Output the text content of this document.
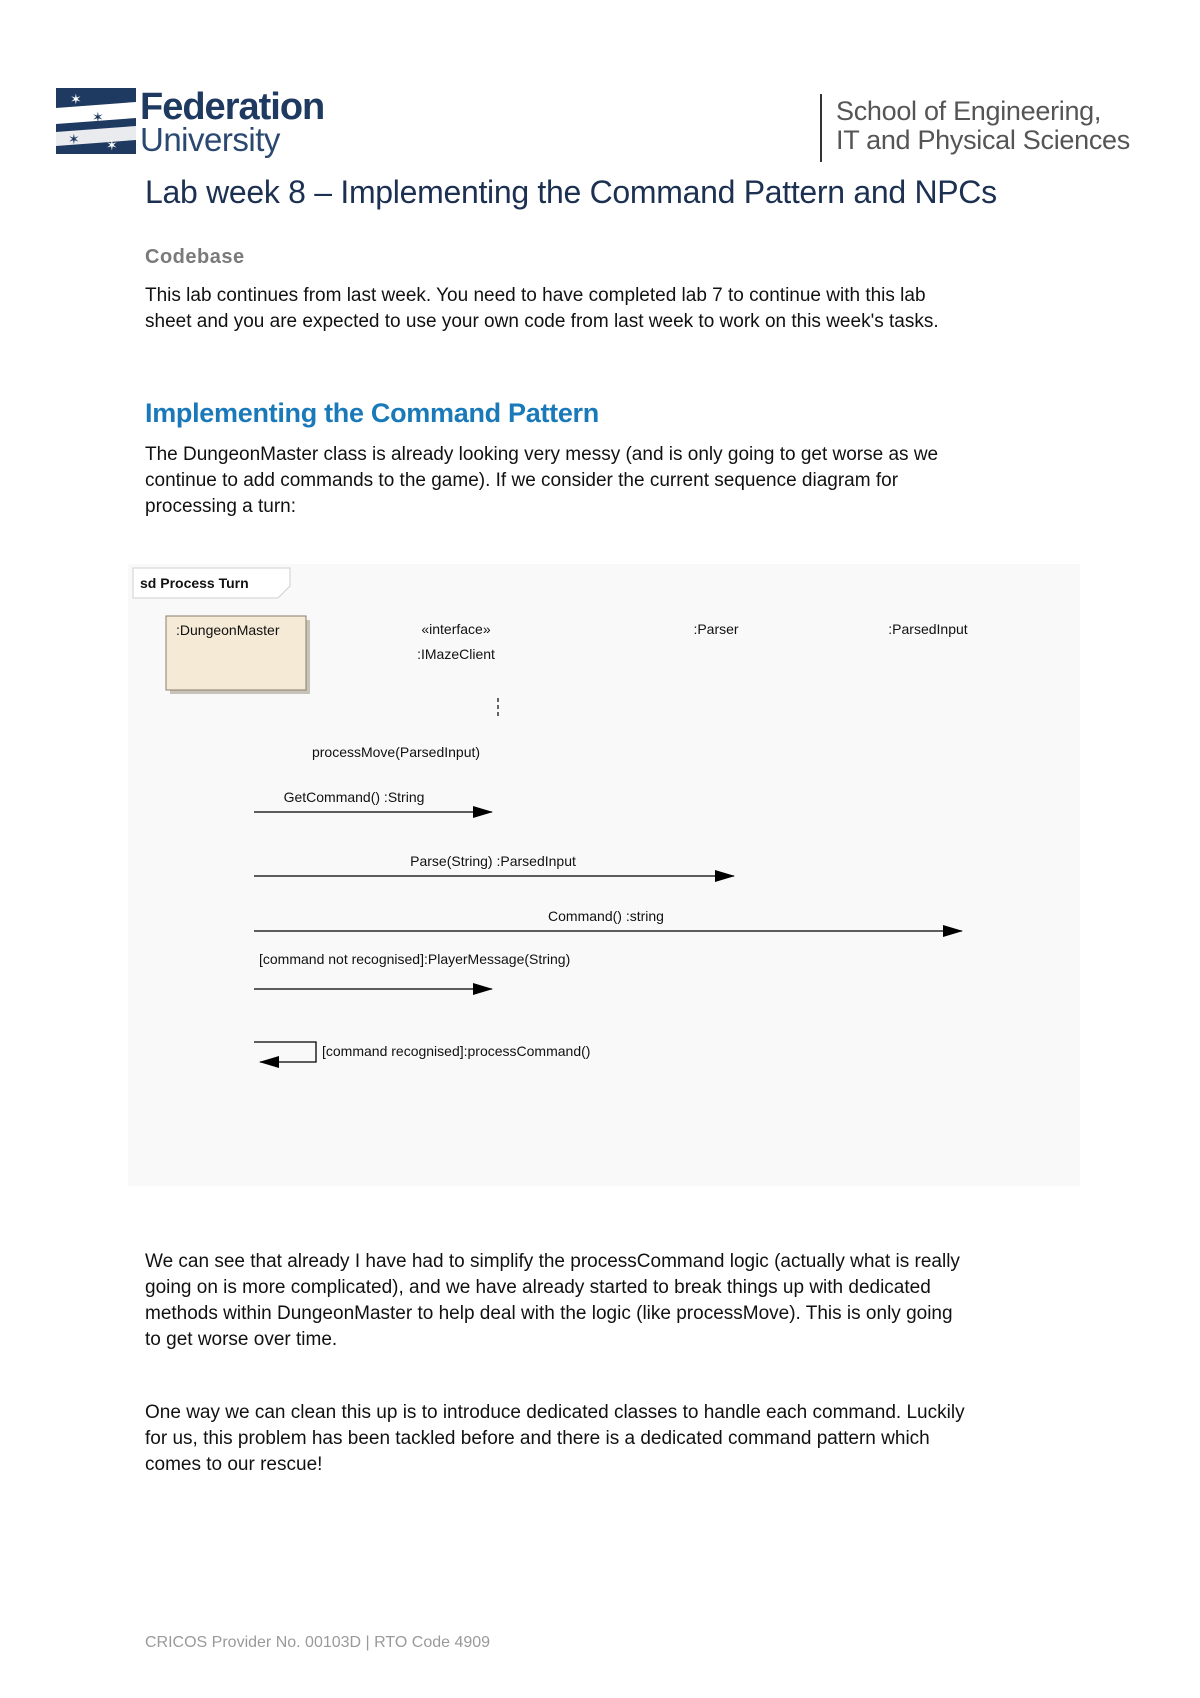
✶
✶
✶ ✶
Federation
University
School of Engineering,
IT and Physical Sciences
Lab week 8 – Implementing the Command Pattern and NPCs
Codebase
This lab continues from last week. You need to have completed lab 7 to continue with this lab sheet and you are expected to use your own code from last week to work on this week's tasks.
Implementing the Command Pattern
The DungeonMaster class is already looking very messy (and is only going to get worse as we continue to add commands to the game). If we consider the current sequence diagram for processing a turn:
sd Process Turn
:DungeonMaster	«interface»
:IMazeClient
:Parser	:ParsedInput
processMove(ParsedInput)
GetCommand() :String
Parse(String) :ParsedInput
Command() :string
[command not recognised]:PlayerMessage(String)
[command recognised]:processCommand()
We can see that already I have had to simplify the processCommand logic (actually what is really going on is more complicated), and we have already started to break things up with dedicated methods within DungeonMaster to help deal with the logic (like processMove). This is only going to get worse over time.
One way we can clean this up is to introduce dedicated classes to handle each command. Luckily for us, this problem has been tackled before and there is a dedicated command pattern which comes to our rescue!
CRICOS Provider No. 00103D | RTO Code 4909
